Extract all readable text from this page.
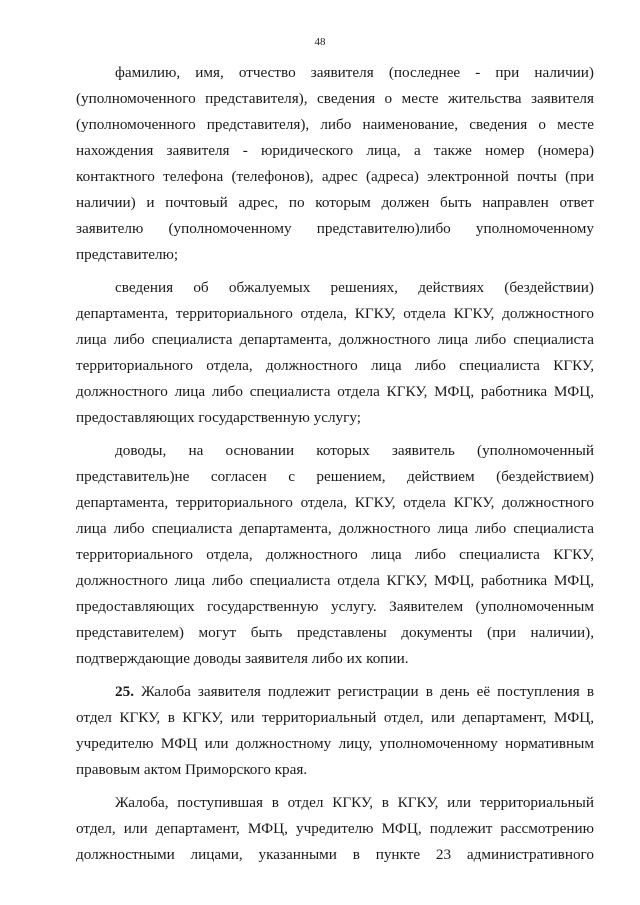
48
фамилию, имя, отчество заявителя (последнее - при наличии)
(уполномоченного представителя), сведения о месте жительства заявителя
(уполномоченного представителя), либо наименование, сведения о месте
нахождения заявителя - юридического лица, а также номер (номера)
контактного телефона (телефонов), адрес (адреса) электронной почты (при
наличии) и почтовый адрес, по которым должен быть направлен ответ
заявителю (уполномоченному представителю)либо уполномоченному
представителю;
сведения об обжалуемых решениях, действиях (бездействии)
департамента, территориального отдела, КГКУ, отдела КГКУ, должностного
лица либо специалиста департамента, должностного лица либо специалиста
территориального отдела, должностного лица либо специалиста КГКУ,
должностного лица либо специалиста отдела КГКУ, МФЦ, работника МФЦ,
предоставляющих государственную услугу;
доводы, на основании которых заявитель (уполномоченный
представитель)не согласен с решением, действием (бездействием)
департамента, территориального отдела, КГКУ, отдела КГКУ, должностного
лица либо специалиста департамента, должностного лица либо специалиста
территориального отдела, должностного лица либо специалиста КГКУ,
должностного лица либо специалиста отдела КГКУ, МФЦ, работника МФЦ,
предоставляющих государственную услугу. Заявителем (уполномоченным
представителем) могут быть представлены документы (при наличии),
подтверждающие доводы заявителя либо их копии.
25. Жалоба заявителя подлежит регистрации в день её поступления в
отдел КГКУ, в КГКУ, или территориальный отдел, или департамент, МФЦ,
учредителю МФЦ или должностному лицу, уполномоченному нормативным
правовым актом Приморского края.
Жалоба, поступившая в отдел КГКУ, в КГКУ, или территориальный
отдел, или департамент, МФЦ, учредителю МФЦ, подлежит рассмотрению
должностными лицами, указанными в пункте 23 административного
